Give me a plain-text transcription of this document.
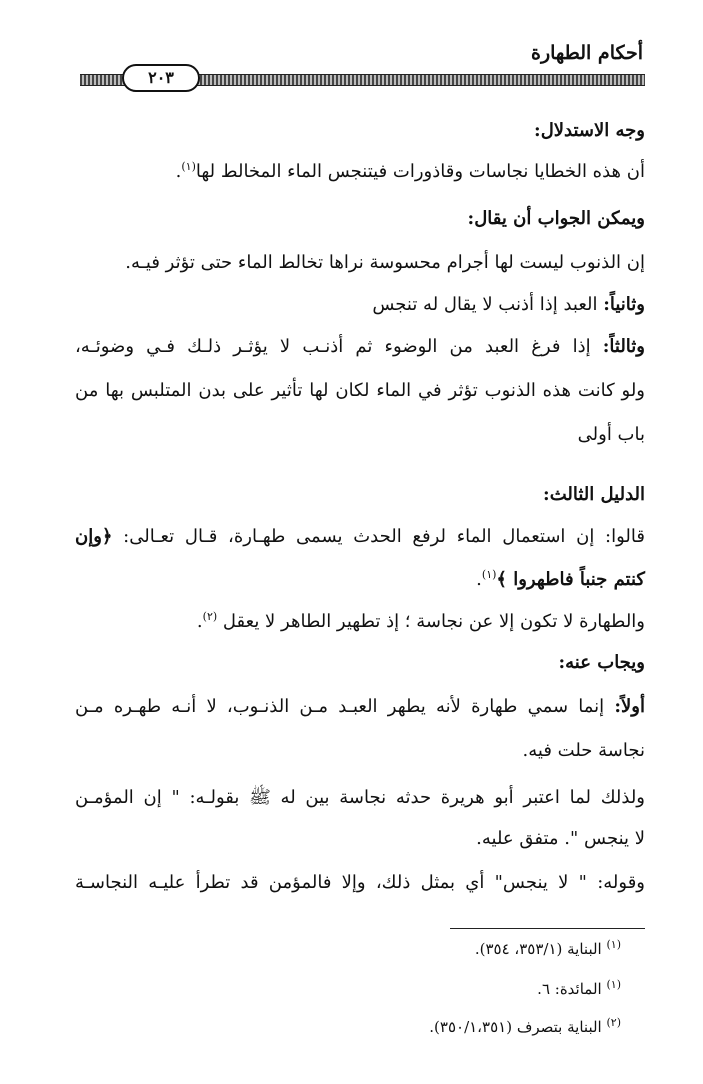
أحكام الطهارة
٢٠٣
وجه الاستدلال:
أن هذه الخطايا نجاسات وقاذورات فيتنجس الماء المخالط لها$^{(١)}$.
ويمكن الجواب أن يقال:
إن الذنوب ليست لها أجرام محسوسة نراها تخالط الماء حتى تؤثر فيـه.
وثانياً: العبد إذا أذنب لا يقال له تنجس
وثالثاً: إذا فرغ العبد من الوضوء ثم أذنـب لا يؤثـر ذلـك فـي وضوئـه،
ولو كانت هذه الذنوب تؤثر في الماء لكان لها تأثير على بدن المتلبس بها من
باب أولى
الدليل الثالث:
قالوا: إن استعمال الماء لرفع الحدث يسمى طهـارة، قـال تعـالى: ﴿وإن
كنتم جنباً فاطهروا ﴾$^{(١)}$.
والطهارة لا تكون إلا عن نجاسة ؛ إذ تطهير الطاهر لا يعقل $^{(٢)}$.
ويجاب عنه:
أولاً: إنما سمي طهارة لأنه يطهر العبـد مـن الذنـوب، لا أنـه طهـره مـن
نجاسة حلت فيه.
ولذلك لما اعتبر أبو هريرة حدثه نجاسة بين له ﷺ بقولـه: " إن المؤمـن
لا ينجس ". متفق عليه.
وقوله: " لا ينجس" أي بمثل ذلك، وإلا فالمؤمن قد تطرأ عليـه النجاسـة
$^{(١)}$ البناية (٣٥٣/١، ٣٥٤).
$^{(١)}$ المائدة: ٦.
$^{(٢)}$ البناية بتصرف (٣٥٠/١،٣٥١).
